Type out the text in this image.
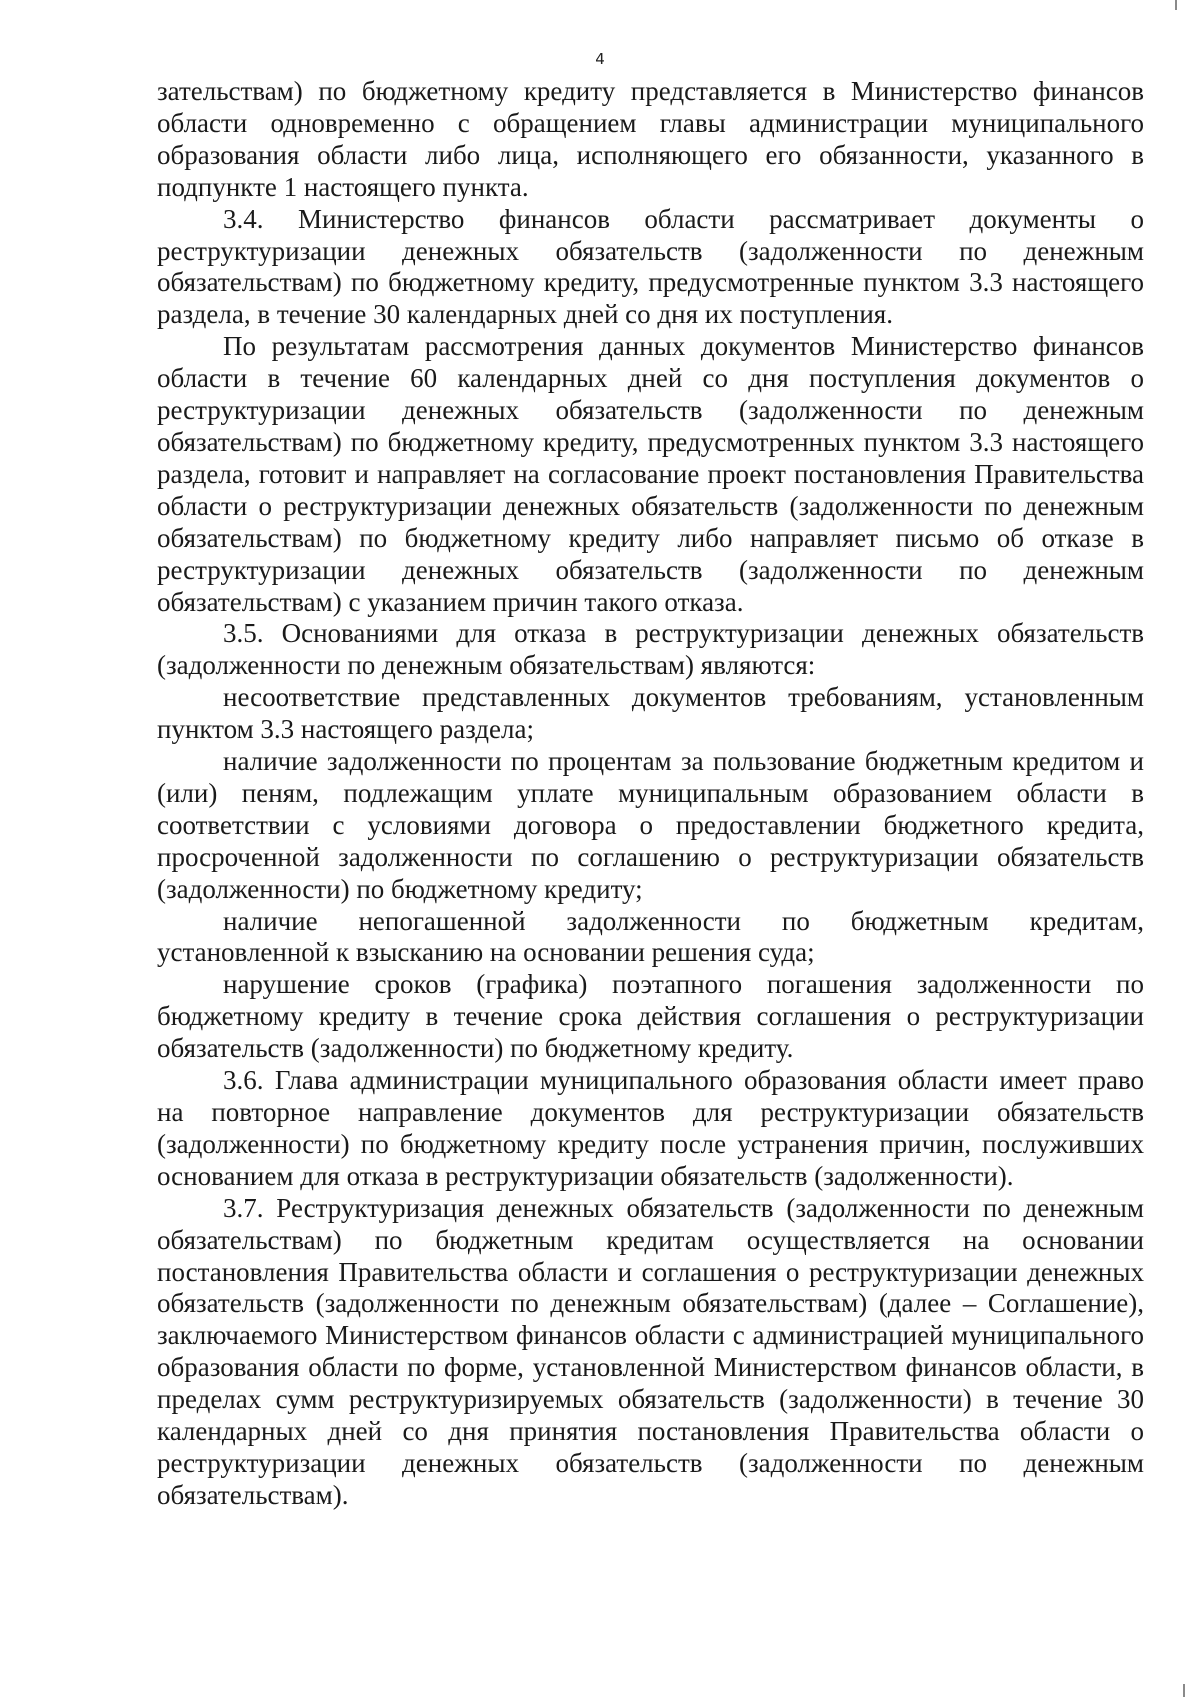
4

зательствам) по бюджетному кредиту представляется в Министерство финансов области одновременно с обращением главы администрации муниципального образования области либо лица, исполняющего его обязанности, указанного в подпункте 1 настоящего пункта.

3.4. Министерство финансов области рассматривает документы о реструктуризации денежных обязательств (задолженности по денежным обязательствам) по бюджетному кредиту, предусмотренные пунктом 3.3 настоящего раздела, в течение 30 календарных дней со дня их поступления.

По результатам рассмотрения данных документов Министерство финансов области в течение 60 календарных дней со дня поступления документов о реструктуризации денежных обязательств (задолженности по денежным обязательствам) по бюджетному кредиту, предусмотренных пунктом 3.3 настоящего раздела, готовит и направляет на согласование проект постановления Правительства области о реструктуризации денежных обязательств (задолженности по денежным обязательствам) по бюджетному кредиту либо направляет письмо об отказе в реструктуризации денежных обязательств (задолженности по денежным обязательствам) с указанием причин такого отказа.

3.5. Основаниями для отказа в реструктуризации денежных обязательств (задолженности по денежным обязательствам) являются:

несоответствие представленных документов требованиям, установленным пунктом 3.3 настоящего раздела;

наличие задолженности по процентам за пользование бюджетным кредитом и (или) пеням, подлежащим уплате муниципальным образованием области в соответствии с условиями договора о предоставлении бюджетного кредита, просроченной задолженности по соглашению о реструктуризации обязательств (задолженности) по бюджетному кредиту;

наличие непогашенной задолженности по бюджетным кредитам, установленной к взысканию на основании решения суда;

нарушение сроков (графика) поэтапного погашения задолженности по бюджетному кредиту в течение срока действия соглашения о реструктуризации обязательств (задолженности) по бюджетному кредиту.

3.6. Глава администрации муниципального образования области имеет право на повторное направление документов для реструктуризации обязательств (задолженности) по бюджетному кредиту после устранения причин, послуживших основанием для отказа в реструктуризации обязательств (задолженности).

3.7. Реструктуризация денежных обязательств (задолженности по денежным обязательствам) по бюджетным кредитам осуществляется на основании постановления Правительства области и соглашения о реструктуризации денежных обязательств (задолженности по денежным обязательствам) (далее – Соглашение), заключаемого Министерством финансов области с администрацией муниципального образования области по форме, установленной Министерством финансов области, в пределах сумм реструктуризируемых обязательств (задолженности) в течение 30 календарных дней со дня принятия постановления Правительства области о реструктуризации денежных обязательств (задолженности по денежным обязательствам).
